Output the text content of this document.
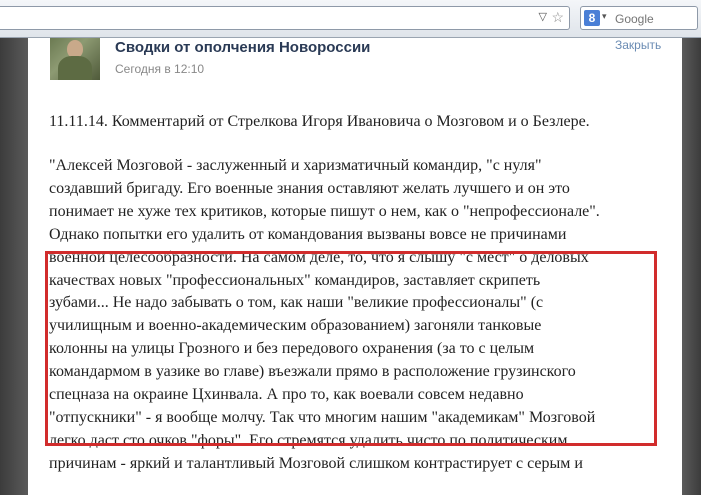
▽ ☆	8 ▾
Google
Сводки от ополчения Новороссии
Сегодня в 12:10
Закрыть

11.11.14. Комментарий от Стрелкова Игоря Ивановича о Мозговом и о Безлере.

"Алексей Мозговой - заслуженный и харизматичный командир, "с нуля"

создавший бригаду. Его военные знания оставляют желать лучшего и он это

понимает не хуже тех критиков, которые пишут о нем, как о "непрофессионале".

Однако попытки его удалить от командования вызваны вовсе не причинами

военной целесообразности. На самом деле, то, что я слышу "с мест" о деловых

качествах новых "профессиональных" командиров, заставляет скрипеть

зубами... Не надо забывать о том, как наши "великие профессионалы" (с

училищным и военно-академическим образованием) загоняли танковые

колонны на улицы Грозного и без передового охранения (за то с целым

командармом в уазике во главе) въезжали прямо в расположение грузинского

спецназа на окраине Цхинвала. А про то, как воевали совсем недавно

"отпускники" - я вообще молчу. Так что многим нашим "академикам" Мозговой

легко даст сто очков "форы". Его стремятся удалить чисто по политическим

причинам - яркий и талантливый Мозговой слишком контрастирует с серым и
